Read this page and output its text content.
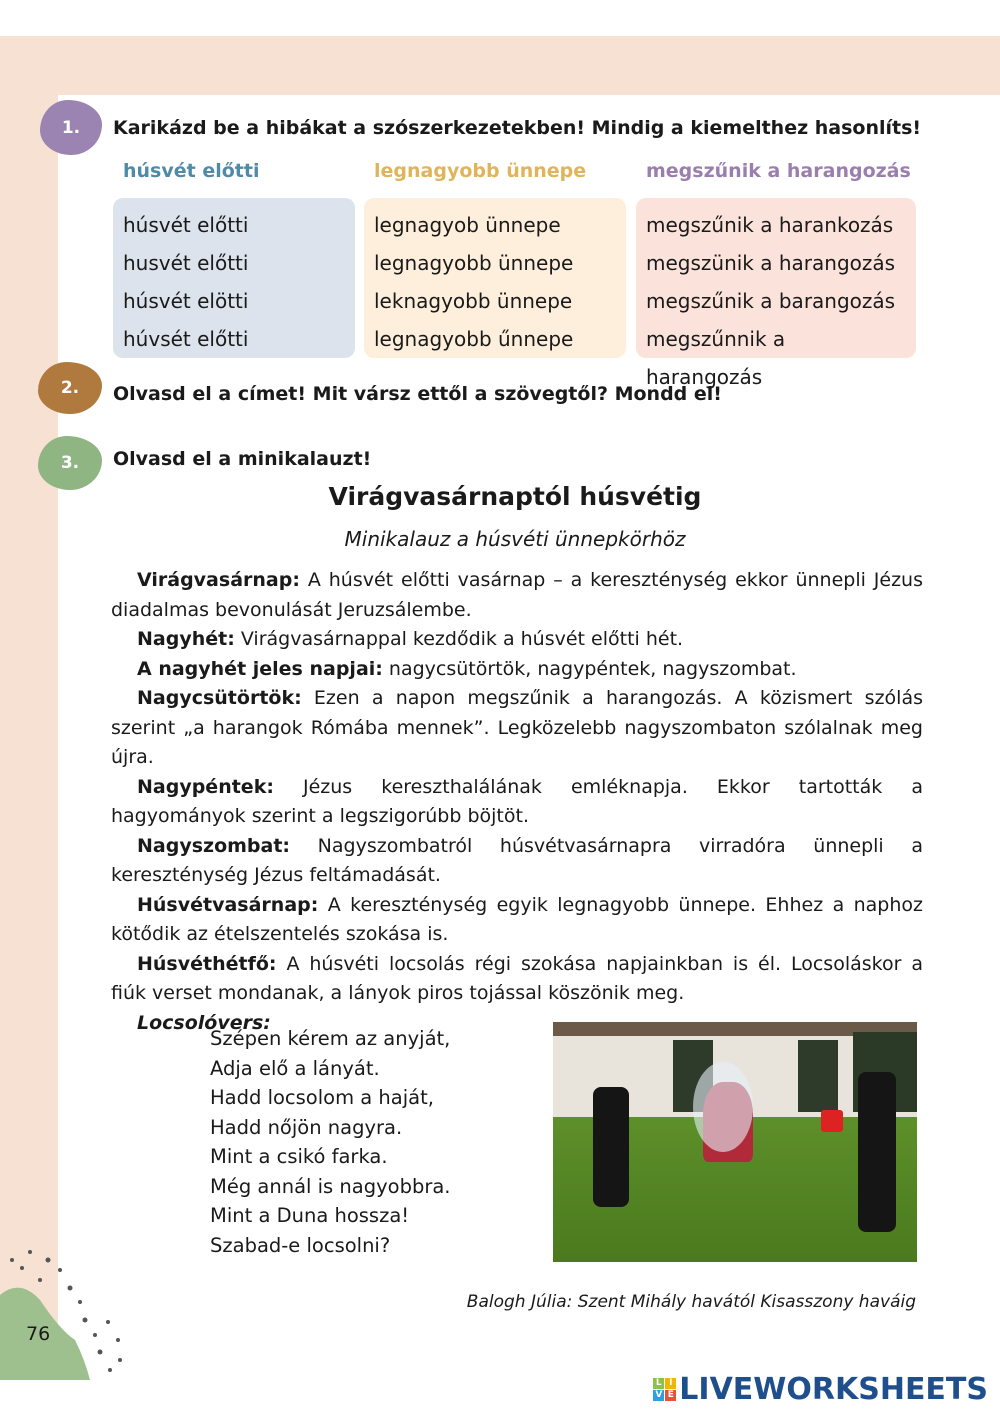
1. Karikázd be a hibákat a szószerkezetekben! Mindig a kiemelthez hasonlíts!
húsvét előtti
húsvét előtti
husvét előtti
húsvét elötti
húvsét előtti
legnagyobb ünnepe
legnagyob ünnepe
legnagyobb ünnepe
leknagyobb ünnepe
legnagyobb űnnepe
megszűnik a harangozás
megszűnik a harankozás
megszünik a harangozás
megszűnik a barangozás
megszűnnik a harangozás
2. Olvasd el a címet! Mit vársz ettől a szövegtől? Mondd el!
3. Olvasd el a minikalauzt!
Virágvasárnaptól húsvétig
Minikalauz a húsvéti ünnepkörhöz

Virágvasárnap: A húsvét előtti vasárnap – a kereszténység ekkor ünnepli Jézus diadalmas bevonulását Jeruzsálembe.

Nagyhét: Virágvasárnappal kezdődik a húsvét előtti hét.

A nagyhét jeles napjai: nagycsütörtök, nagypéntek, nagyszombat.

Nagycsütörtök: Ezen a napon megszűnik a harangozás. A közismert szólás szerint „a harangok Rómába mennek”. Legközelebb nagyszombaton szólalnak meg újra.

Nagypéntek: Jézus kereszthalálának emléknapja. Ekkor tartották a hagyományok szerint a legszigorúbb böjtöt.

Nagyszombat: Nagyszombatról húsvétvasárnapra virradóra ünnepli a kereszténység Jézus feltámadását.

Húsvétvasárnap: A kereszténység egyik legnagyobb ünnepe. Ehhez a naphoz kötődik az ételszentelés szokása is.

Húsvéthétfő: A húsvéti locsolás régi szokása napjainkban is él. Locsoláskor a fiúk verset mondanak, a lányok piros tojással köszönik meg.

Locsolóvers:

Szépen kérem az anyját,
Adja elő a lányát.
Hadd locsolom a haját,
Hadd nőjön nagyra.
Mint a csikó farka.
Még annál is nagyobbra.
Mint a Duna hossza!
Szabad-e locsolni?
Balogh Júlia: Szent Mihály havától Kisasszony haváig
76
L I
V E LIVEWORKSHEETS
